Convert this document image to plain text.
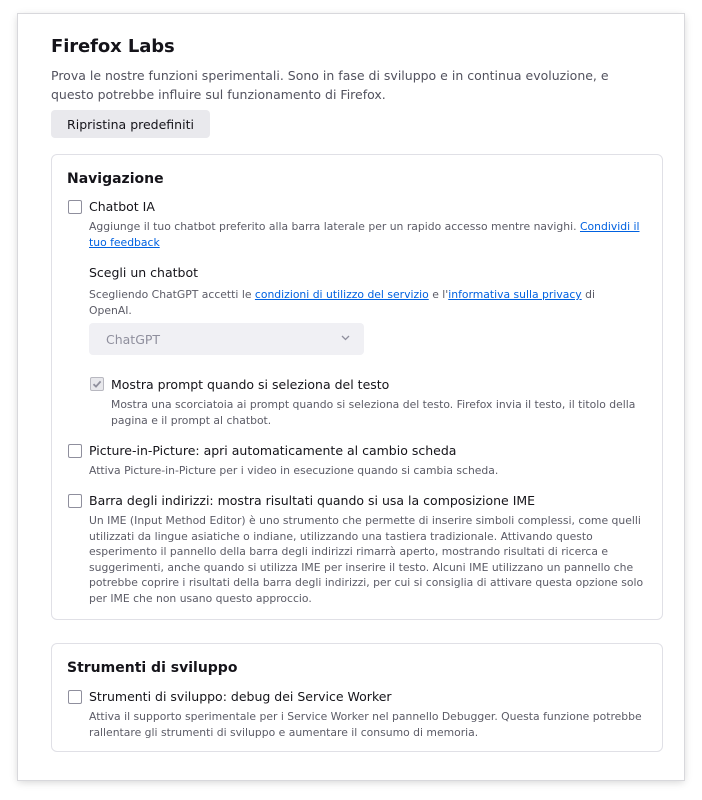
Firefox Labs
Prova le nostre funzioni sperimentali. Sono in fase di sviluppo e in continua evoluzione, e questo potrebbe influire sul funzionamento di Firefox.
Ripristina predefiniti
Navigazione
Chatbot IA
Aggiunge il tuo chatbot preferito alla barra laterale per un rapido accesso mentre navighi. Condividi il tuo feedback
Scegli un chatbot
Scegliendo ChatGPT accetti le condizioni di utilizzo del servizio e l'informativa sulla privacy di OpenAI.
ChatGPT
Mostra prompt quando si seleziona del testo
Mostra una scorciatoia ai prompt quando si seleziona del testo. Firefox invia il testo, il titolo della pagina e il prompt al chatbot.
Picture-in-Picture: apri automaticamente al cambio scheda
Attiva Picture-in-Picture per i video in esecuzione quando si cambia scheda.
Barra degli indirizzi: mostra risultati quando si usa la composizione IME
Un IME (Input Method Editor) è uno strumento che permette di inserire simboli complessi, come quelli utilizzati da lingue asiatiche o indiane, utilizzando una tastiera tradizionale. Attivando questo esperimento il pannello della barra degli indirizzi rimarrà aperto, mostrando risultati di ricerca e suggerimenti, anche quando si utilizza IME per inserire il testo. Alcuni IME utilizzano un pannello che potrebbe coprire i risultati della barra degli indirizzi, per cui si consiglia di attivare questa opzione solo per IME che non usano questo approccio.
Strumenti di sviluppo
Strumenti di sviluppo: debug dei Service Worker
Attiva il supporto sperimentale per i Service Worker nel pannello Debugger. Questa funzione potrebbe rallentare gli strumenti di sviluppo e aumentare il consumo di memoria.
